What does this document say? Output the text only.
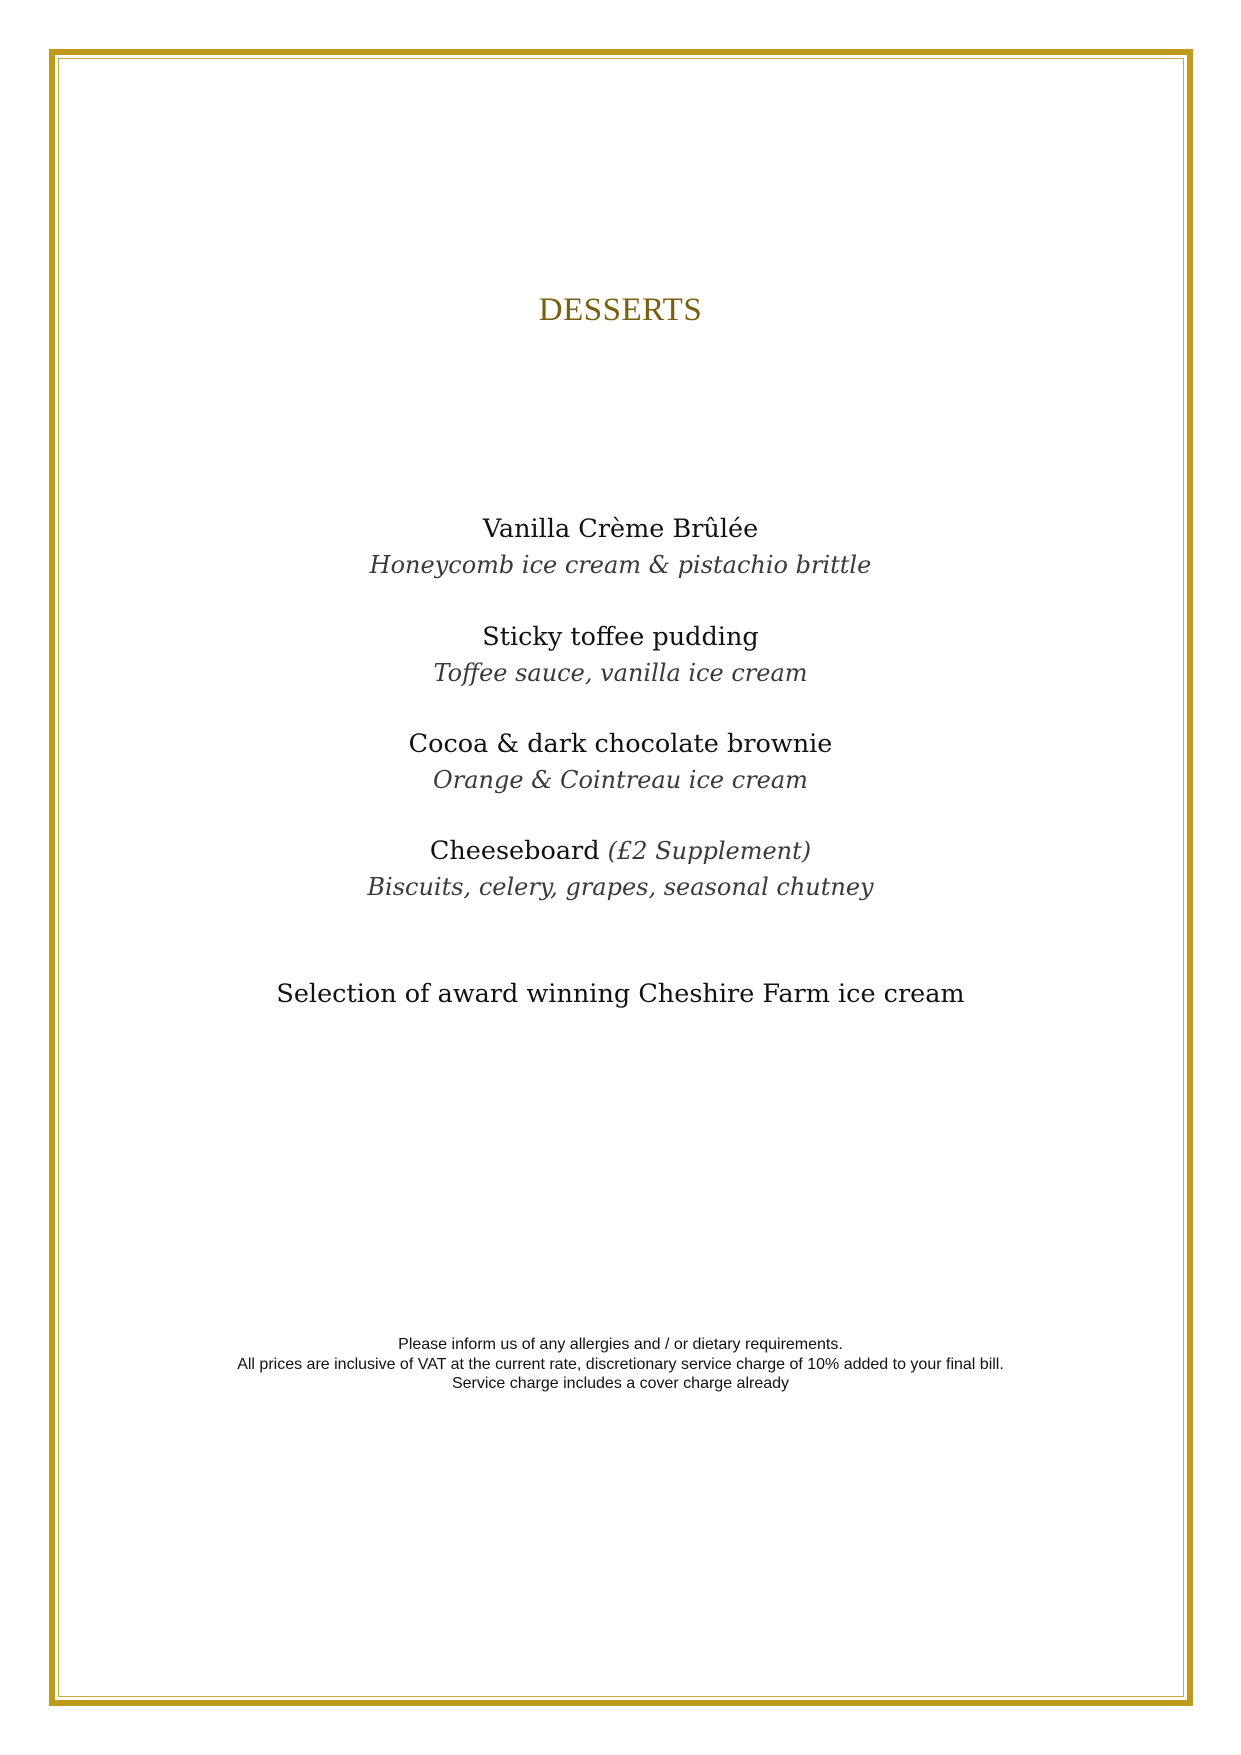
DESSERTS
Vanilla Crème Brûlée
Honeycomb ice cream & pistachio brittle
Sticky toffee pudding
Toffee sauce, vanilla ice cream
Cocoa & dark chocolate brownie
Orange & Cointreau ice cream
Cheeseboard (£2 Supplement)
Biscuits, celery, grapes, seasonal chutney
Selection of award winning Cheshire Farm ice cream
Please inform us of any allergies and / or dietary requirements.
All prices are inclusive of VAT at the current rate, discretionary service charge of 10% added to your final bill.
Service charge includes a cover charge already
